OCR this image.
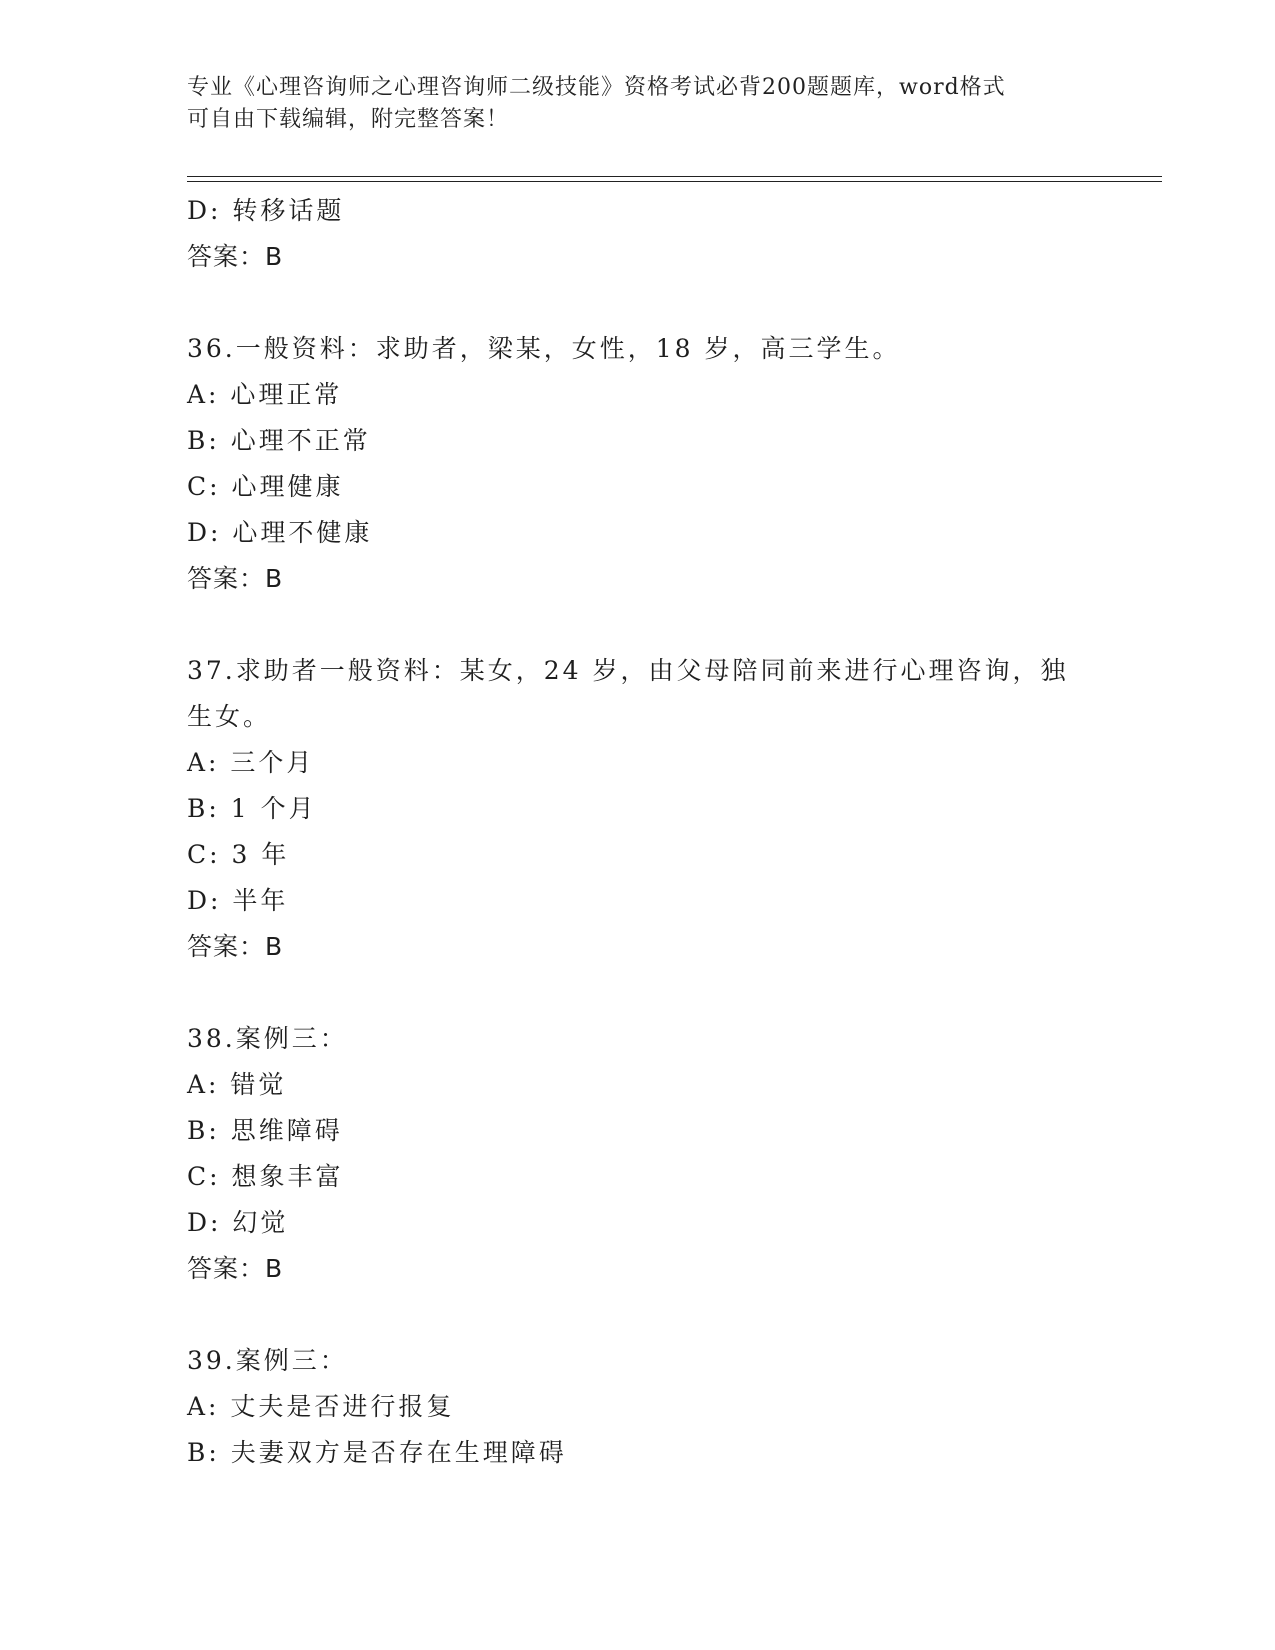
专业《心理咨询师之心理咨询师二级技能》资格考试必背200题题库，word格式
可自由下载编辑，附完整答案！
D: 转移话题
答案：B
36.一般资料：求助者，梁某，女性，18 岁，高三学生。
A: 心理正常
B: 心理不正常
C: 心理健康
D: 心理不健康
答案：B
37.求助者一般资料：某女，24 岁，由父母陪同前来进行心理咨询，独
生女。
A: 三个月
B: 1 个月
C: 3 年
D: 半年
答案：B
38.案例三：
A: 错觉
B: 思维障碍
C: 想象丰富
D: 幻觉
答案：B
39.案例三：
A: 丈夫是否进行报复
B: 夫妻双方是否存在生理障碍
